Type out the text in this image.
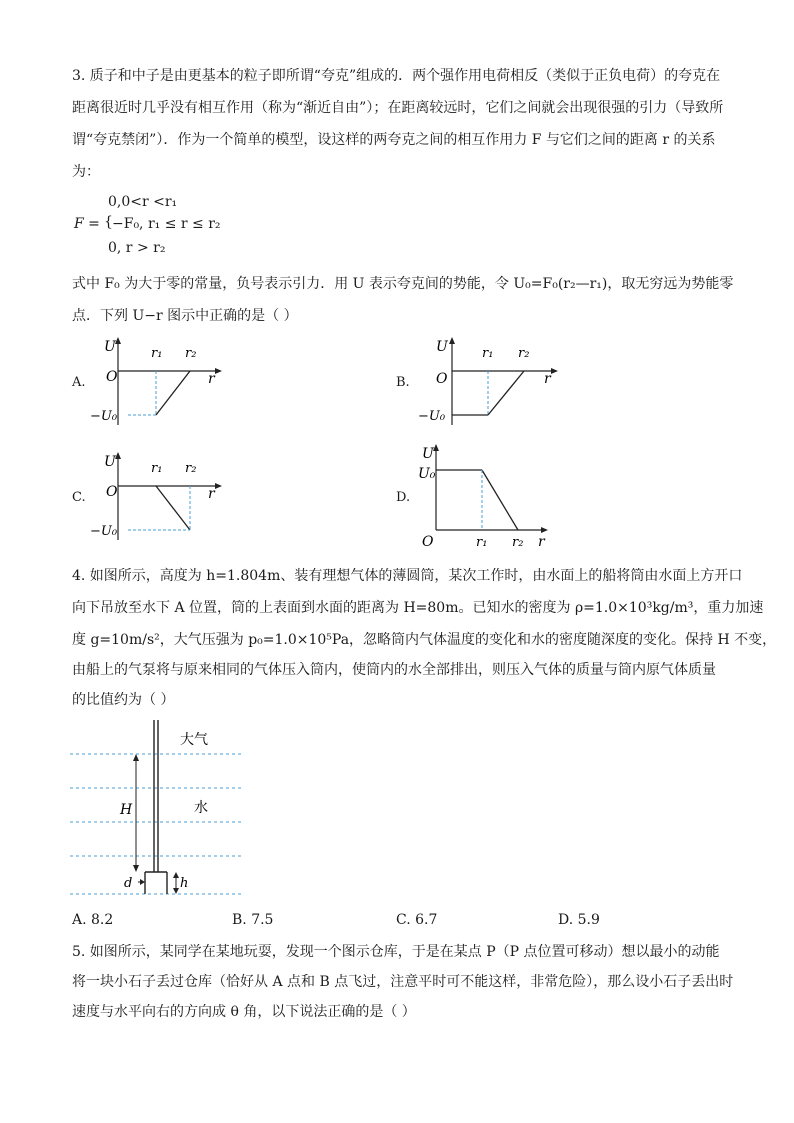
3. 质子和中子是由更基本的粒子即所谓“夸克”组成的．两个强作用电荷相反（类似于正负电荷）的夸克在
距离很近时几乎没有相互作用（称为“渐近自由”）；在距离较远时，它们之间就会出现很强的引力（导致所
谓“夸克禁闭”）．作为一个简单的模型，设这样的两夸克之间的相互作用力 F 与它们之间的距离 r 的关系
为：
F = {
0,0<r <r₁
−F₀, r₁ ≤ r ≤ r₂
0, r > r₂
式中 F₀ 为大于零的常量，负号表示引力．用 U 表示夸克间的势能，令 U₀=F₀(r₂—r₁)，取无穷远为势能零
点．下列 U−r 图示中正确的是（ ）
A.
U
O	r
r₁ r₂
−U₀
B.
U
O	r
r₁ r₂
−U₀
C.
U
O	r
r₁ r₂
−U₀
D.
U
U₀
O	r₁ r₂ r
4. 如图所示，高度为 h=1.804m、装有理想气体的薄圆筒，某次工作时，由水面上的船将筒由水面上方开口
向下吊放至水下 A 位置，筒的上表面到水面的距离为 H=80m。已知水的密度为 ρ=1.0×10³kg/m³，重力加速
度 g=10m/s²，大气压强为 p₀=1.0×10⁵Pa，忽略筒内气体温度的变化和水的密度随深度的变化。保持 H 不变，
由船上的气泵将与原来相同的气体压入筒内，使筒内的水全部排出，则压入气体的质量与筒内原气体质量
的比值约为（ ）
大气
水
H
d	h
A. 8.2	B. 7.5	C. 6.7	D. 5.9
5. 如图所示，某同学在某地玩耍，发现一个图示仓库，于是在某点 P（P 点位置可移动）想以最小的动能
将一块小石子丢过仓库（恰好从 A 点和 B 点飞过，注意平时可不能这样，非常危险），那么设小石子丢出时
速度与水平向右的方向成 θ 角，以下说法正确的是（ ）
